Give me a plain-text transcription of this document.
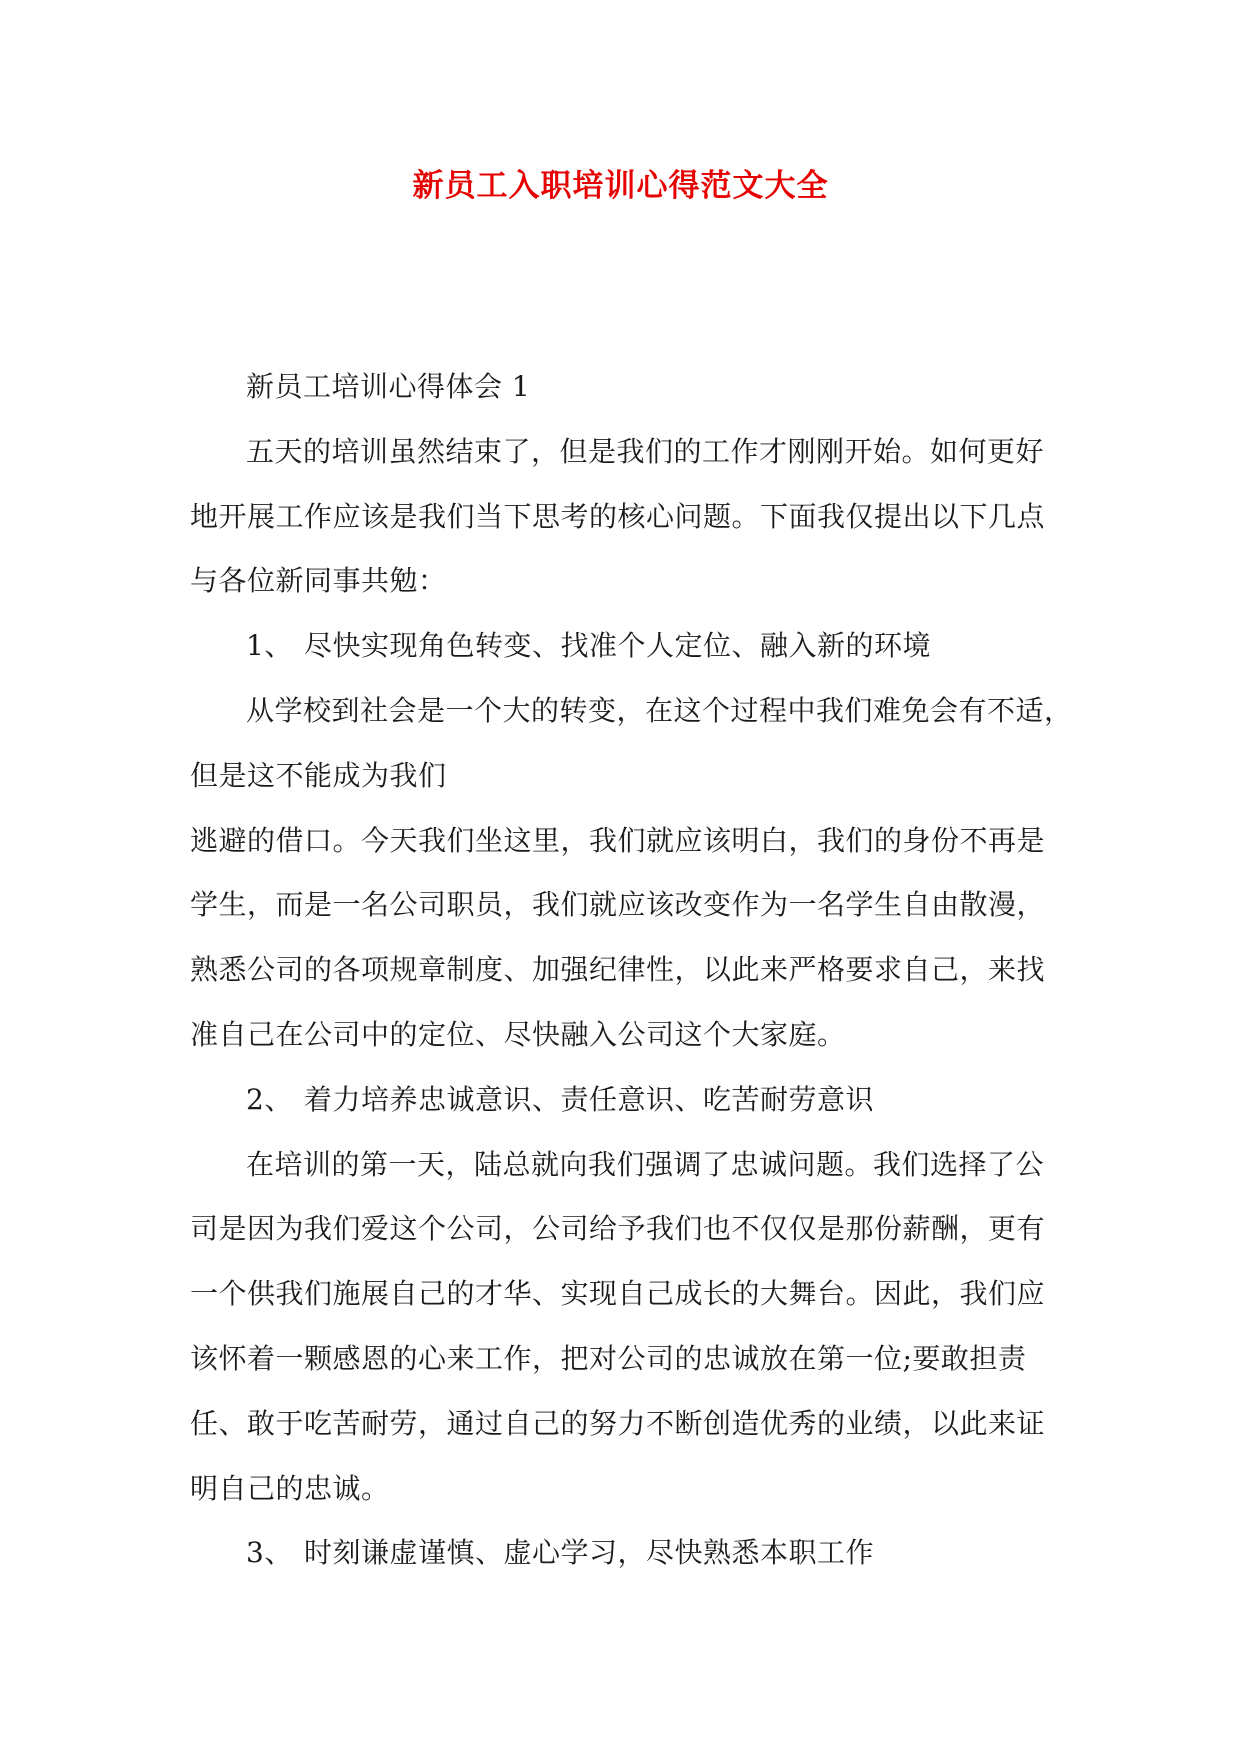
新员工入职培训心得范文大全
新员工培训心得体会 1
五天的培训虽然结束了，但是我们的工作才刚刚开始。如何更好
地开展工作应该是我们当下思考的核心问题。下面我仅提出以下几点
与各位新同事共勉：
1、 尽快实现角色转变、找准个人定位、融入新的环境
从学校到社会是一个大的转变，在这个过程中我们难免会有不适，
但是这不能成为我们
逃避的借口。今天我们坐这里，我们就应该明白，我们的身份不再是
学生，而是一名公司职员，我们就应该改变作为一名学生自由散漫，
熟悉公司的各项规章制度、加强纪律性，以此来严格要求自己，来找
准自己在公司中的定位、尽快融入公司这个大家庭。
2、 着力培养忠诚意识、责任意识、吃苦耐劳意识
在培训的第一天，陆总就向我们强调了忠诚问题。我们选择了公
司是因为我们爱这个公司，公司给予我们也不仅仅是那份薪酬，更有
一个供我们施展自己的才华、实现自己成长的大舞台。因此，我们应
该怀着一颗感恩的心来工作，把对公司的忠诚放在第一位;要敢担责
任、敢于吃苦耐劳，通过自己的努力不断创造优秀的业绩，以此来证
明自己的忠诚。
3、 时刻谦虚谨慎、虚心学习，尽快熟悉本职工作
